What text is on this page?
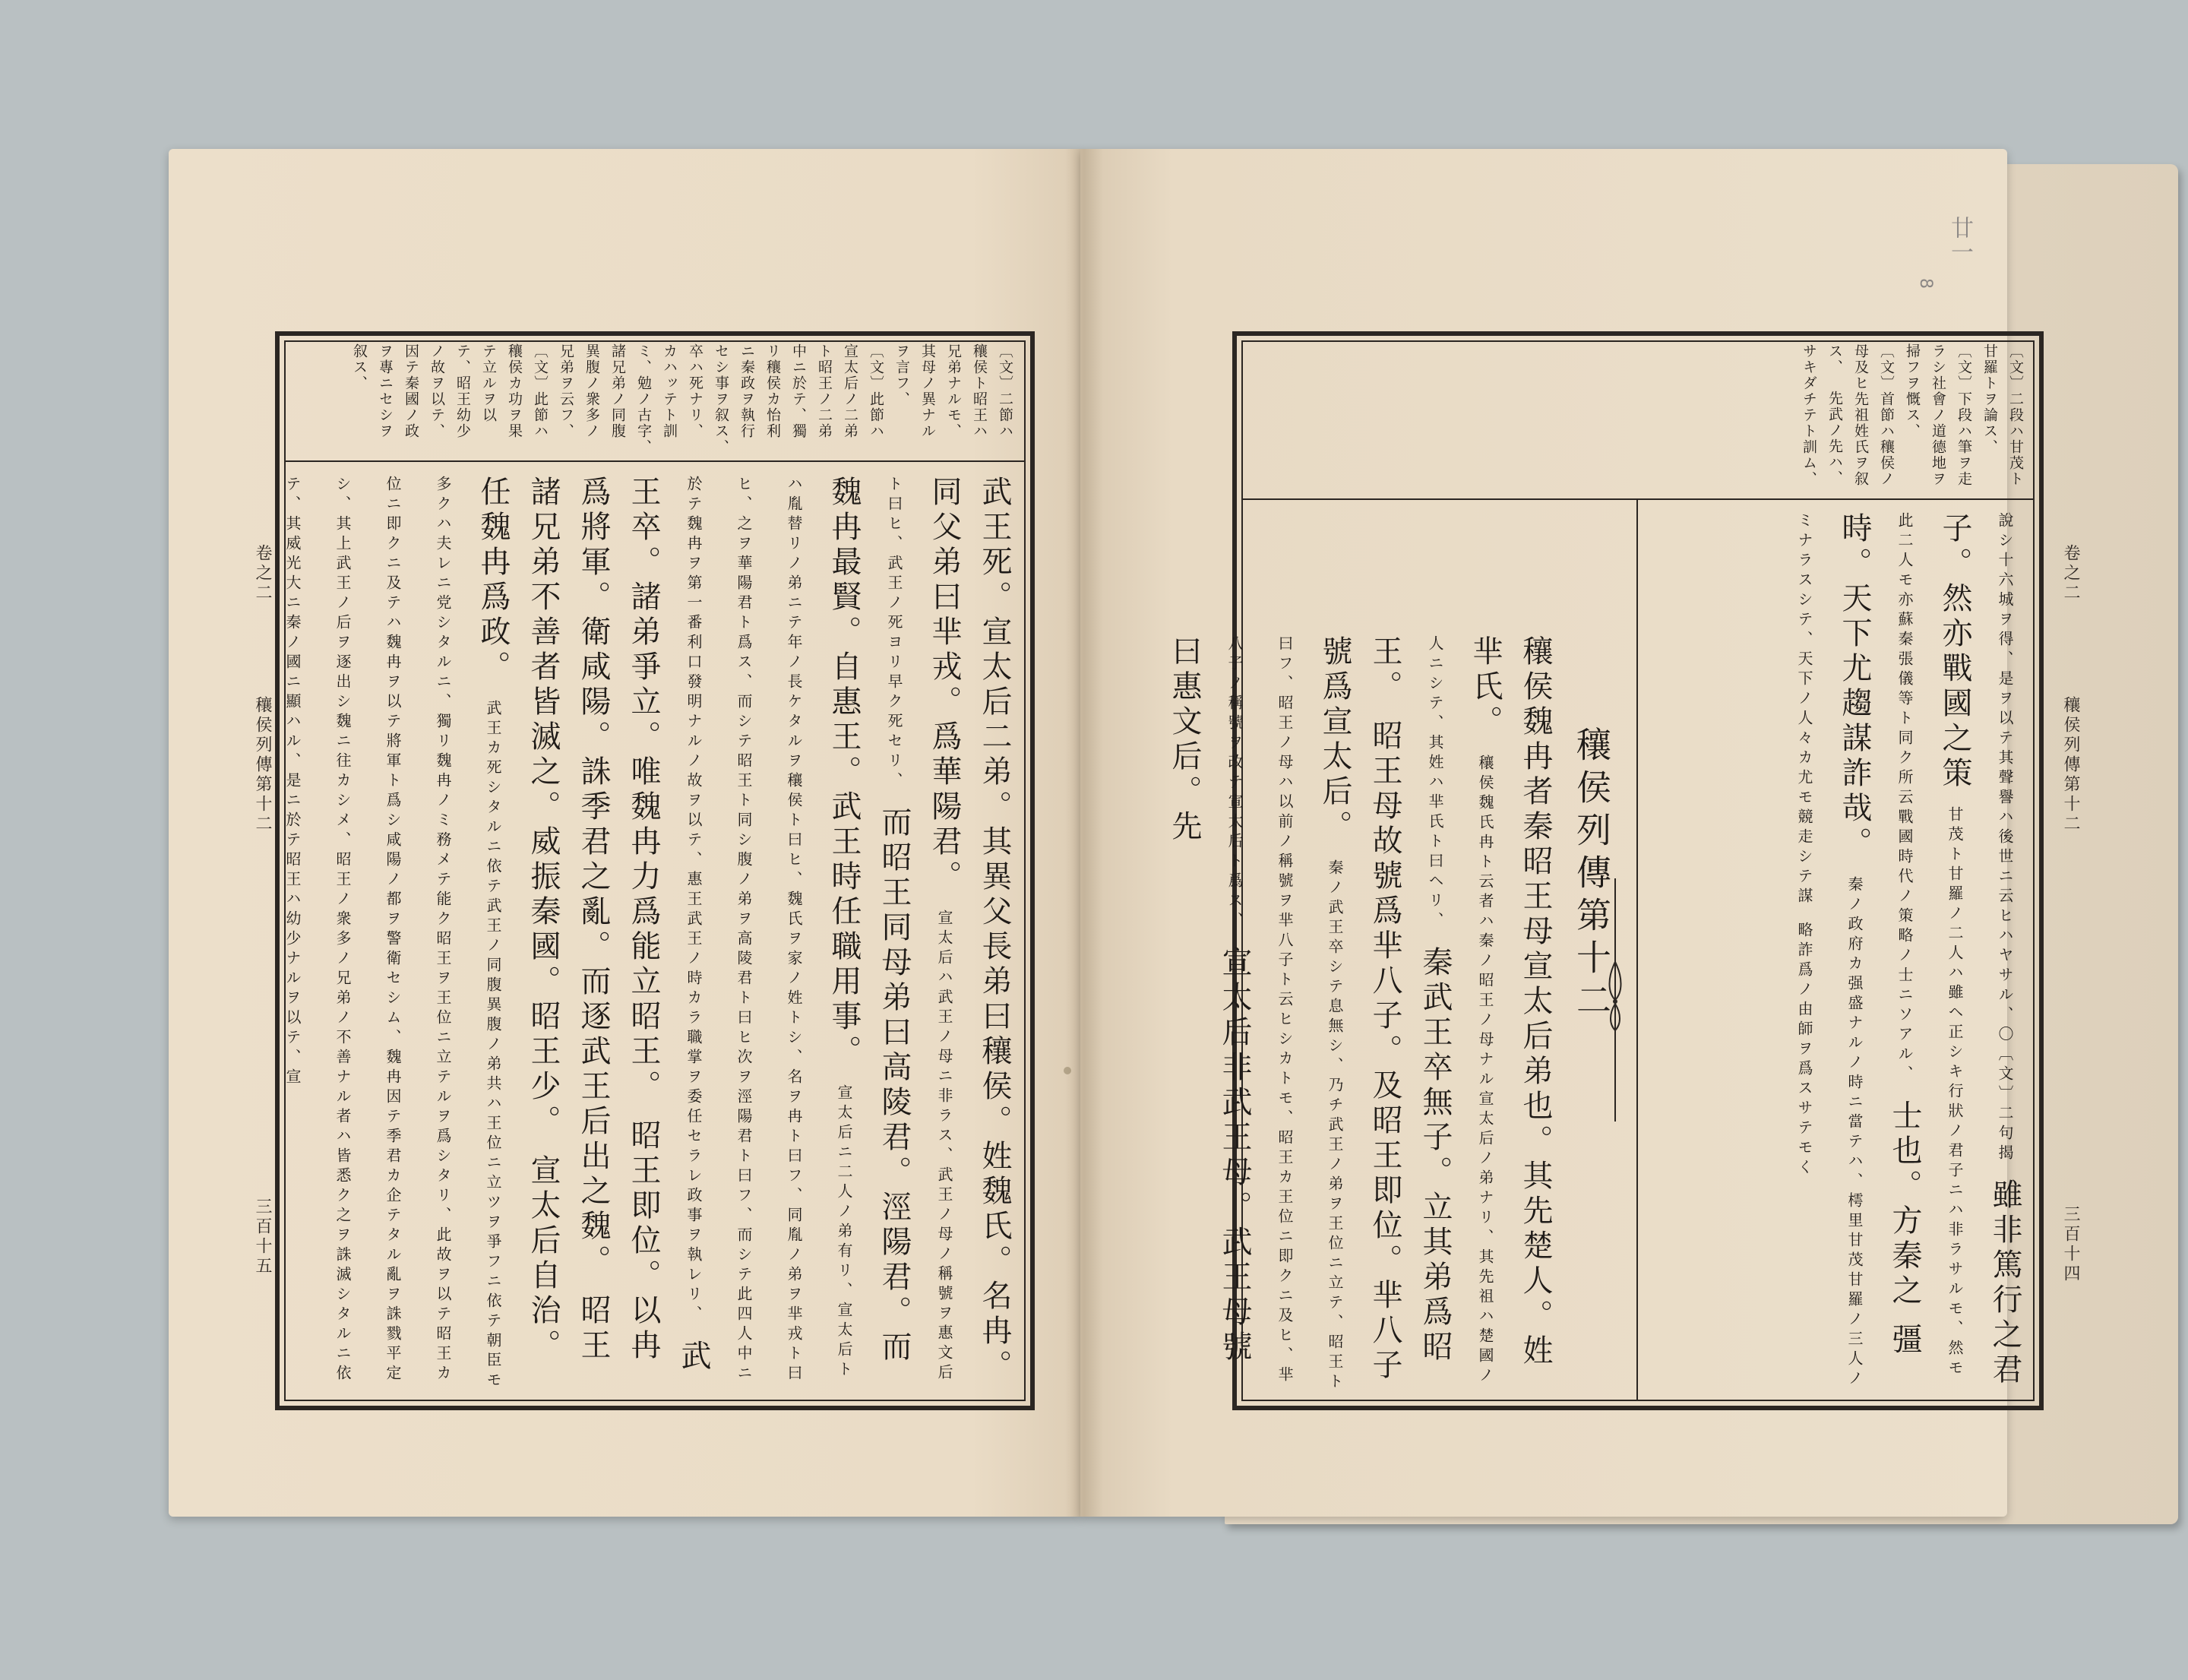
卷之二
穰侯列傳第十二
三百十五
〔文〕二節ハ穰侯ト昭王ハ兄弟ナルモ、其母ノ異ナルヲ言フ、　 〔文〕此節ハ宣太后ノ二弟ト昭王ノ二弟中ニ於テ、獨リ穰侯カ怡利ニ秦政ヲ執行セシ事ヲ叙ス、　 卒ハ死ナリ、カハッテト訓ミ、勉ノ古字、　 諸兄弟ノ同腹異腹ノ衆多ノ兄弟ヲ云フ、　 〔文〕此節ハ穰侯カ功ヲ果テ立ルヲ以テ、昭王幼少ノ故ヲ以テ、因テ秦國ノ政ヲ專ニセシヲ叙ス、
武王死。宣太后二弟。其異父長弟曰穰侯。姓魏氏。名冉。同父弟曰芈戎。爲華陽君。 宣太后ハ武王ノ母ニ非ラス、武王ノ母ノ稱號ヲ惠文后ト曰ヒ、武王ノ死ヨリ早ク死セリ、 而昭王同母弟曰高陵君。涇陽君。而魏冉最賢。自惠王。武王時任職用事。 宣太后ニ二人ノ弟有リ、宣太后トハ胤替リノ弟ニテ年ノ長ケタルヲ穰侯ト曰ヒ、魏氏ヲ家ノ姓トシ、名ヲ冉ト曰フ、同胤ノ弟ヲ芈戎ト曰ヒ、之ヲ華陽君ト爲ス、而シテ昭王ト同シ腹ノ弟ヲ高陵君ト曰ヒ次ヲ涇陽君ト曰フ、而シテ此四人中ニ於テ魏冉ヲ第一番利口發明ナルノ故ヲ以テ、惠王武王ノ時カラ職掌ヲ委任セラレ政事ヲ執レリ、 武王卒。諸弟爭立。唯魏冉力爲能立昭王。 昭王即位。以冉爲將軍。衛咸陽。誅季君之亂。而逐武王后出之魏。 昭王諸兄弟不善者皆滅之。威振秦國。昭王少。 宣太后自治。任魏冉爲政。 武王カ死シタルニ依テ武王ノ同腹異腹ノ弟共ハ王位ニ立ツヲ爭フニ依テ朝臣モ多クハ夫レニ党シタルニ、獨リ魏冉ノミ務メテ能ク昭王ヲ王位ニ立テルヲ爲シタリ、此故ヲ以テ昭王カ位ニ即クニ及テハ魏冉ヲ以テ將軍ト爲シ咸陽ノ都ヲ警衛セシム、魏冉因テ季君カ企テタル亂ヲ誅戮平定シ、其上武王ノ后ヲ逐出シ魏ニ往カシメ、昭王ノ衆多ノ兄弟ノ不善ナル者ハ皆悉ク之ヲ誅滅シタルニ依テ、其威光大ニ秦ノ國ニ顯ハル、是ニ於テ昭王ハ幼少ナルヲ以テ、宣
廿一
8
卷之二
穰侯列傳第十二
三百十四
〔文〕二段ハ甘茂ト甘羅トヲ論ス、　 〔文〕下段ハ筆ヲ走ラシ社會ノ道德地ヲ掃フヲ慨ス、　 〔文〕首節ハ穰侯ノ母及ヒ先祖姓氏ヲ叙ス、　 先武ノ先ハ、サキダチテト訓ム、
說シ十六城ヲ得、是ヲ以テ其聲譽ハ後世ニ云ヒハヤサル、〇〔文〕二句揭 雖非篤行之君子。然亦戰國之策 甘茂ト甘羅ノ二人ハ雖ヘ正シキ行狀ノ君子ニハ非ラサルモ、然モ此二人モ亦蘇秦張儀等ト同ク所云戰國時代ノ策略ノ士ニソアル、 士也。方秦之 彊時。天下尤趨謀詐哉。 秦ノ政府カ强盛ナルノ時ニ當テハ、樗里甘茂甘羅ノ三人ノミナラスシテ、天下ノ人々カ尤モ競走シテ謀 略詐爲ノ由師ヲ爲スサテモく
穰侯列傳第十二
穰侯魏冉者秦昭王母宣太后弟也。其先楚人。姓芈氏。 穰侯魏氏冉ト云者ハ秦ノ昭王ノ母ナル宣太后ノ弟ナリ、其先祖ハ楚國ノ人ニシテ、其姓ハ芈氏ト曰ヘリ、 秦武王卒無子。立其弟爲昭王。 昭王母故號爲芈八子。及昭王即位。芈八子號爲宣太后。 秦ノ武王卒シテ息無シ、乃チ武王ノ弟ヲ王位ニ立テ、昭王ト曰フ、昭王ノ母ハ以前ノ稱號ヲ芈八子ト云ヒシカトモ、昭王カ王位ニ即クニ及ヒ、芈八子ノ稱號ヲ改テ宣太后ト爲ス、 宣太后非武王母。武王母號曰惠文后。先
